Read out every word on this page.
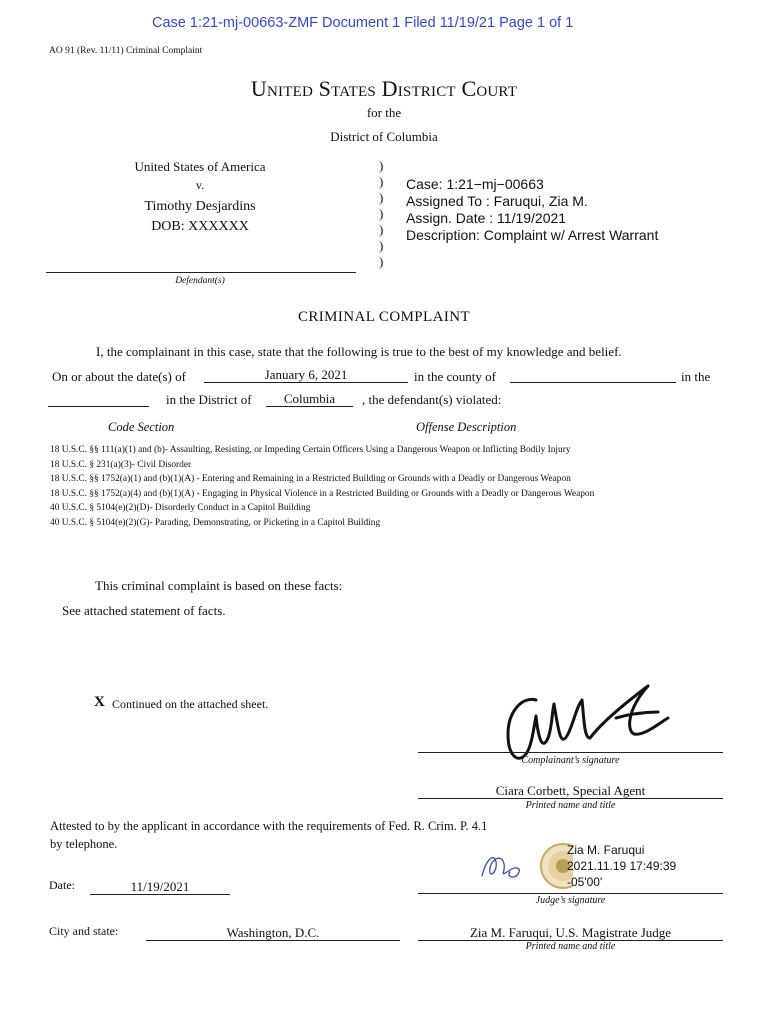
Case 1:21-mj-00663-ZMF Document 1 Filed 11/19/21 Page 1 of 1
AO 91 (Rev. 11/11) Criminal Complaint
United States District Court
for the
District of Columbia
United States of America
v.
Timothy Desjardins
DOB: XXXXXX
Defendant(s)
)
)
)
)
)
)
)
Case: 1:21−mj−00663
Assigned To : Faruqui, Zia M.
Assign. Date : 11/19/2021
Description: Complaint w/ Arrest Warrant
CRIMINAL COMPLAINT
I, the complainant in this case, state that the following is true to the best of my knowledge and belief.
On or about the date(s) of	January 6, 2021	in the county of	in the
in the District of	Columbia	, the defendant(s) violated:
Code Section	Offense Description
18 U.S.C. §§ 111(a)(1) and (b)- Assaulting, Resisting, or Impeding Certain Officers Using a Dangerous Weapon or Inflicting Bodily Injury
18 U.S.C. § 231(a)(3)- Civil Disorder
18 U.S.C. §§ 1752(a)(1) and (b)(1)(A) - Entering and Remaining in a Restricted Building or Grounds with a Deadly or Dangerous Weapon
18 U.S.C. §§ 1752(a)(4) and (b)(1)(A) - Engaging in Physical Violence in a Restricted Building or Grounds with a Deadly or Dangerous Weapon
40 U.S.C. § 5104(e)(2)(D)- Disorderly Conduct in a Capitol Building
40 U.S.C. § 5104(e)(2)(G)- Parading, Demonstrating, or Picketing in a Capitol Building
This criminal complaint is based on these facts:
See attached statement of facts.
X Continued on the attached sheet.
Complainant’s signature
Ciara Corbett, Special Agent
Printed name and title
Attested to by the applicant in accordance with the requirements of Fed. R. Crim. P. 4.1
by telephone.	Zia M. Faruqui
2021.11.19 17:49:39
-05'00'
Date:	11/19/2021
Judge’s signature
City and state:	Washington, D.C.	Zia M. Faruqui, U.S. Magistrate Judge
Printed name and title
